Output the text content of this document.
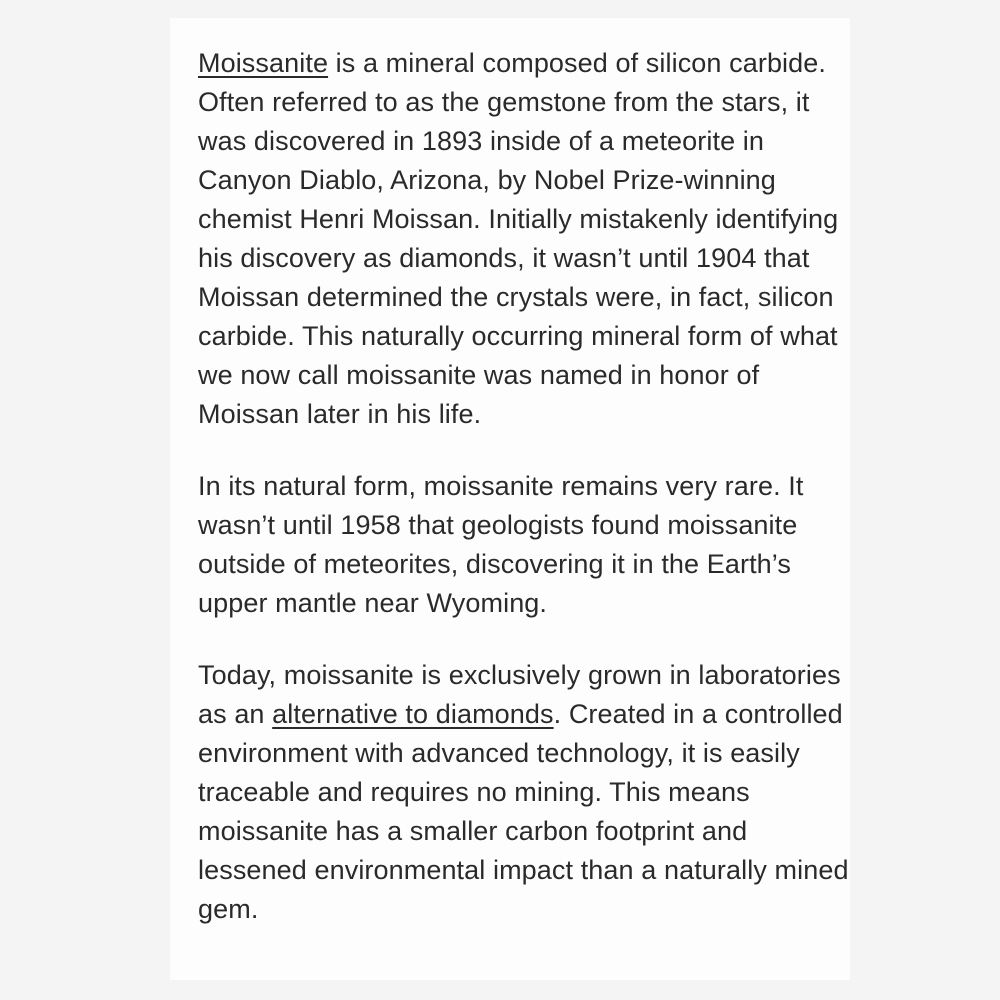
Moissanite is a mineral composed of silicon carbide. Often referred to as the gemstone from the stars, it was discovered in 1893 inside of a meteorite in Canyon Diablo, Arizona, by Nobel Prize-winning chemist Henri Moissan. Initially mistakenly identifying his discovery as diamonds, it wasn’t until 1904 that Moissan determined the crystals were, in fact, silicon carbide. This naturally occurring mineral form of what we now call moissanite was named in honor of Moissan later in his life.

In its natural form, moissanite remains very rare. It wasn’t until 1958 that geologists found moissanite outside of meteorites, discovering it in the Earth’s upper mantle near Wyoming.

Today, moissanite is exclusively grown in laboratories as an alternative to diamonds. Created in a controlled environment with advanced technology, it is easily traceable and requires no mining. This means moissanite has a smaller carbon footprint and lessened environmental impact than a naturally mined gem.
